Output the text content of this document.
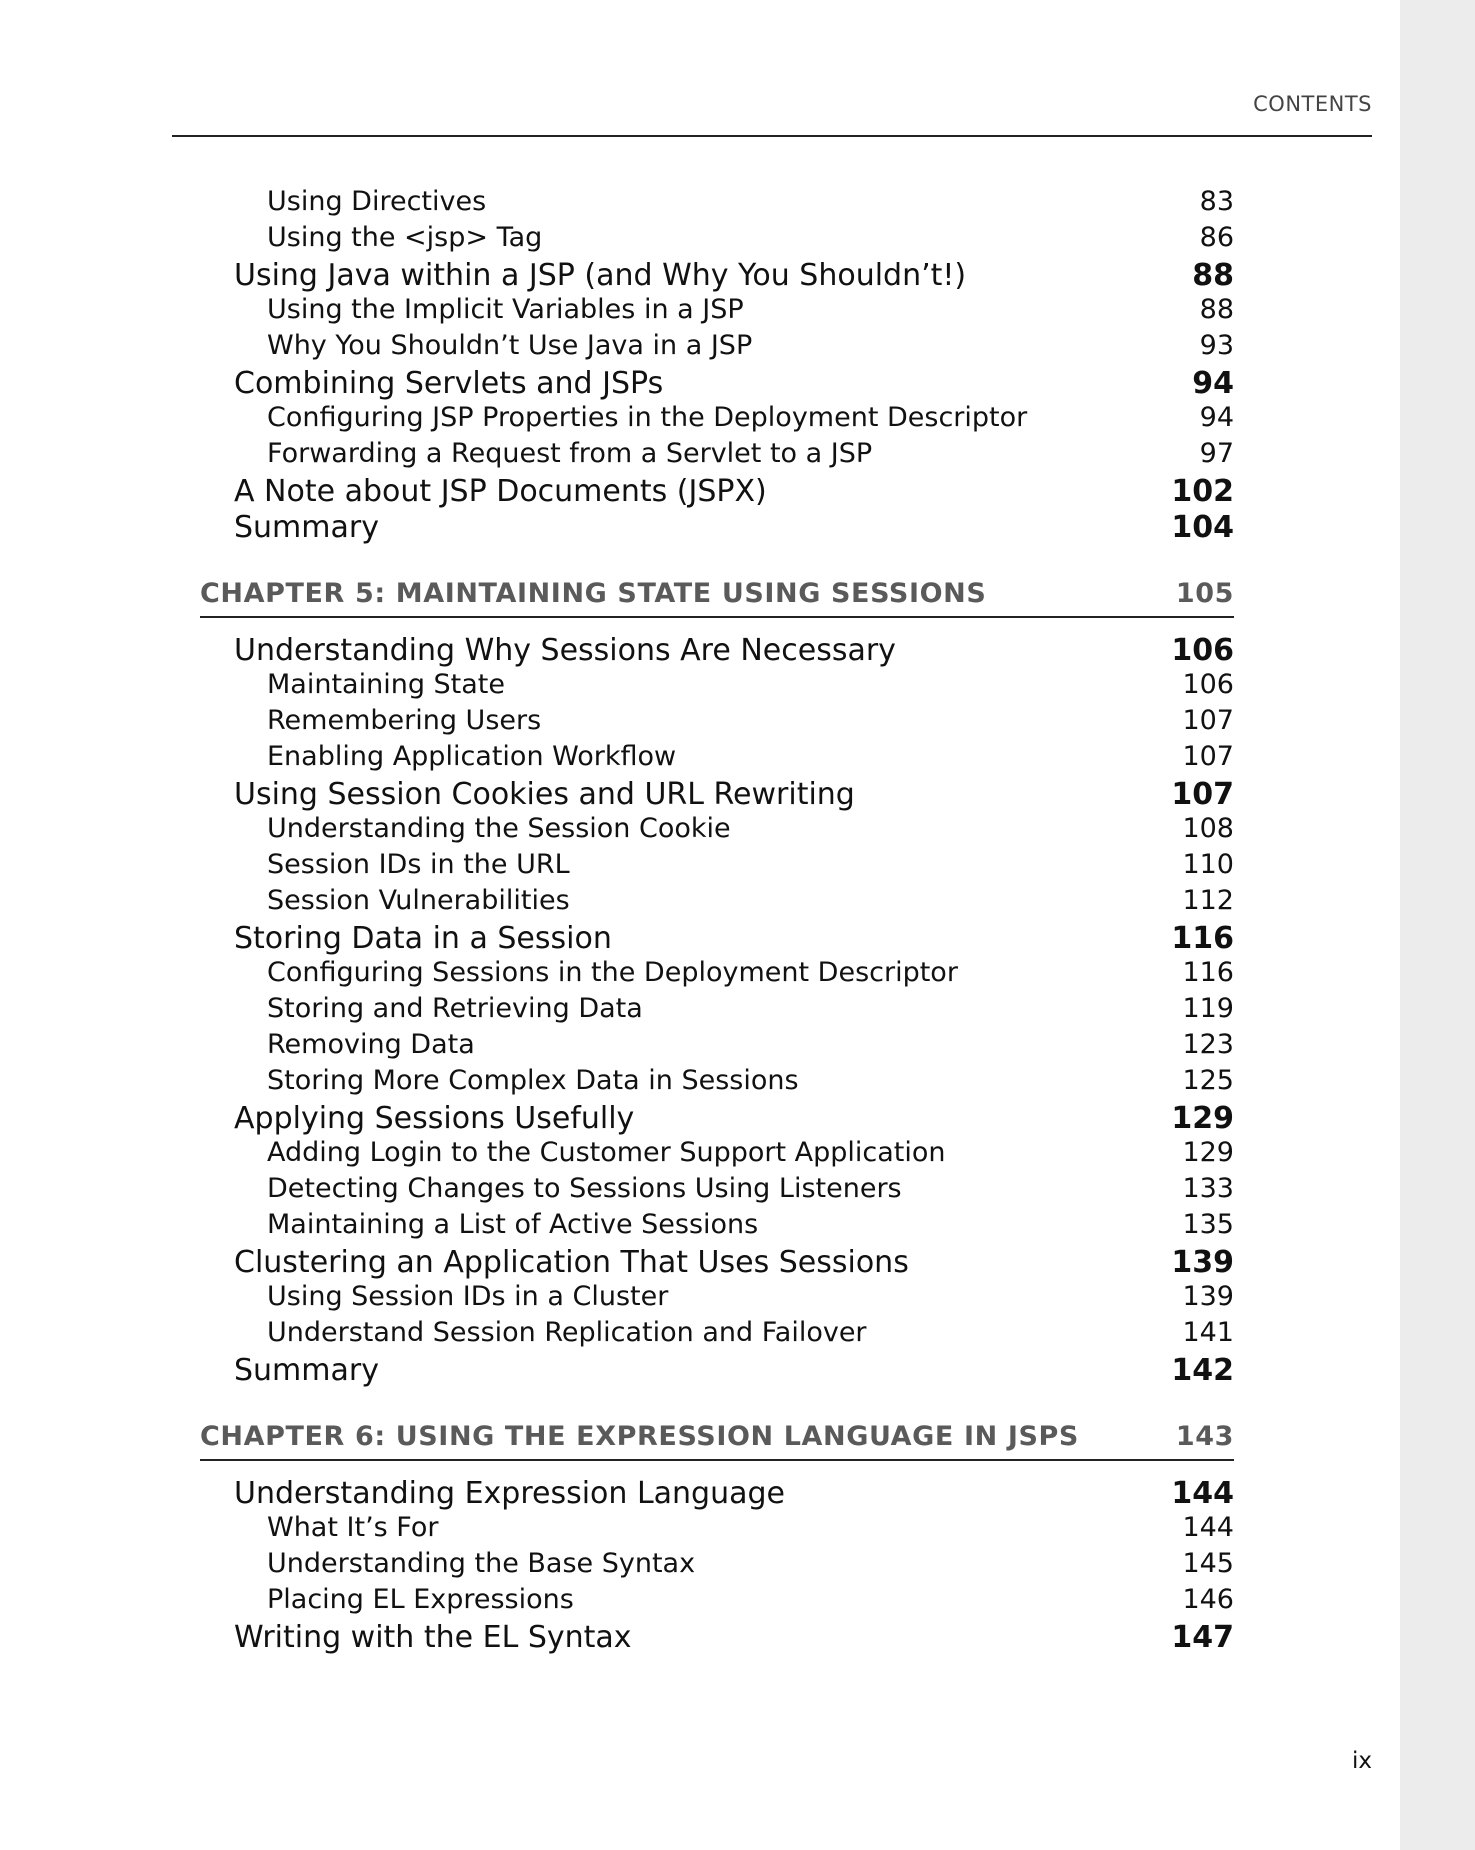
CONTENTS
Using Directives	83
Using the <jsp> Tag	86
Using Java within a JSP (and Why You Shouldn’t!)	88
Using the Implicit Variables in a JSP	88
Why You Shouldn’t Use Java in a JSP	93
Combining Servlets and JSPs	94
Configuring JSP Properties in the Deployment Descriptor	94
Forwarding a Request from a Servlet to a JSP	97
A Note about JSP Documents (JSPX)	102
Summary	104
CHAPTER 5: MAINTAINING STATE USING SESSIONS	105
Understanding Why Sessions Are Necessary	106
Maintaining State	106
Remembering Users	107
Enabling Application Workflow	107
Using Session Cookies and URL Rewriting	107
Understanding the Session Cookie	108
Session IDs in the URL	110
Session Vulnerabilities	112
Storing Data in a Session	116
Configuring Sessions in the Deployment Descriptor	116
Storing and Retrieving Data	119
Removing Data	123
Storing More Complex Data in Sessions	125
Applying Sessions Usefully	129
Adding Login to the Customer Support Application	129
Detecting Changes to Sessions Using Listeners	133
Maintaining a List of Active Sessions	135
Clustering an Application That Uses Sessions	139
Using Session IDs in a Cluster	139
Understand Session Replication and Failover	141
Summary	142
CHAPTER 6: USING THE EXPRESSION LANGUAGE IN JSPS	143
Understanding Expression Language	144
What It’s For	144
Understanding the Base Syntax	145
Placing EL Expressions	146
Writing with the EL Syntax	147
ix
